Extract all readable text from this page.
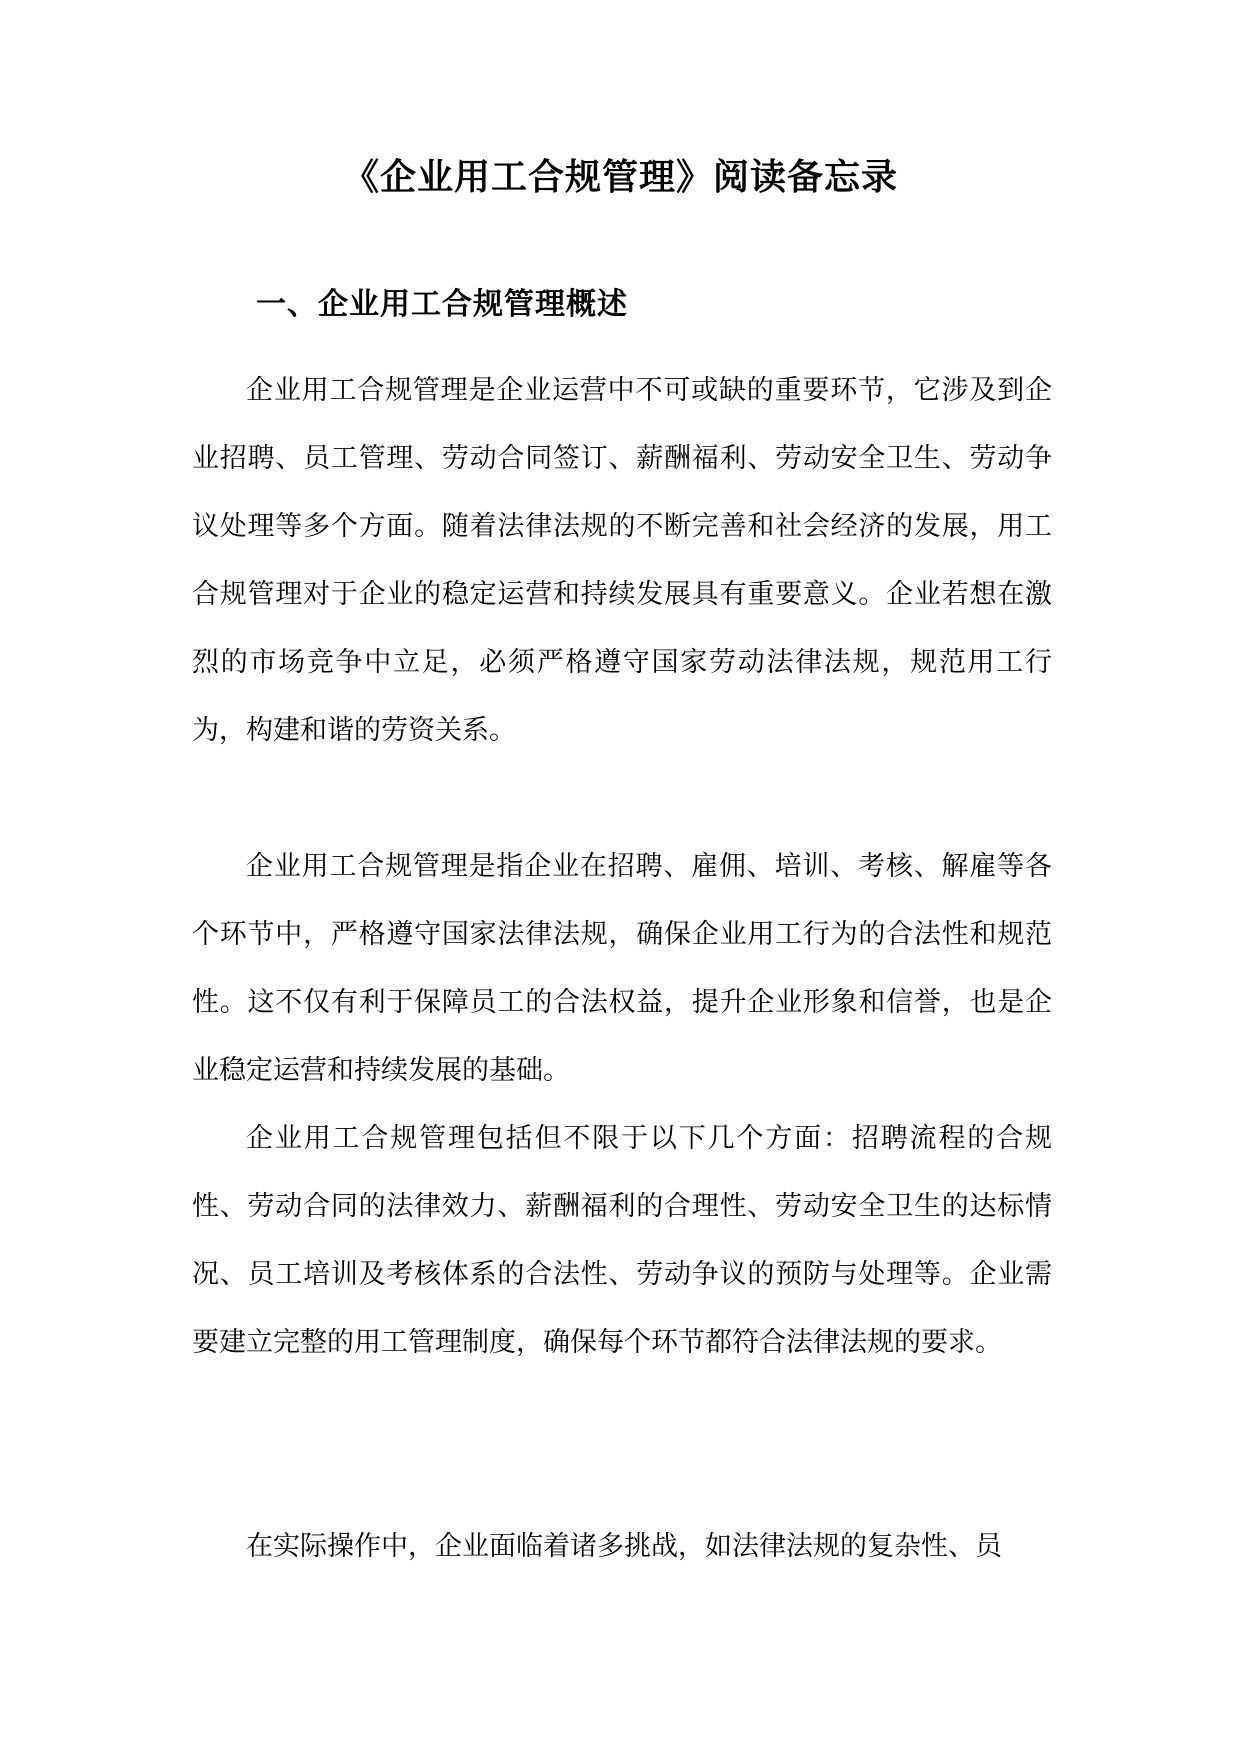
《企业用工合规管理》阅读备忘录
一、企业用工合规管理概述

企业用工合规管理是企业运营中不可或缺的重要环节，它涉及到企业招聘、员工管理、劳动合同签订、薪酬福利、劳动安全卫生、劳动争议处理等多个方面。随着法律法规的不断完善和社会经济的发展，用工合规管理对于企业的稳定运营和持续发展具有重要意义。企业若想在激烈的市场竞争中立足，必须严格遵守国家劳动法律法规，规范用工行为，构建和谐的劳资关系。

企业用工合规管理是指企业在招聘、雇佣、培训、考核、解雇等各个环节中，严格遵守国家法律法规，确保企业用工行为的合法性和规范性。这不仅有利于保障员工的合法权益，提升企业形象和信誉，也是企业稳定运营和持续发展的基础。

企业用工合规管理包括但不限于以下几个方面：招聘流程的合规性、劳动合同的法律效力、薪酬福利的合理性、劳动安全卫生的达标情况、员工培训及考核体系的合法性、劳动争议的预防与处理等。企业需要建立完整的用工管理制度，确保每个环节都符合法律法规的要求。

在实际操作中，企业面临着诸多挑战，如法律法规的复杂性、员
